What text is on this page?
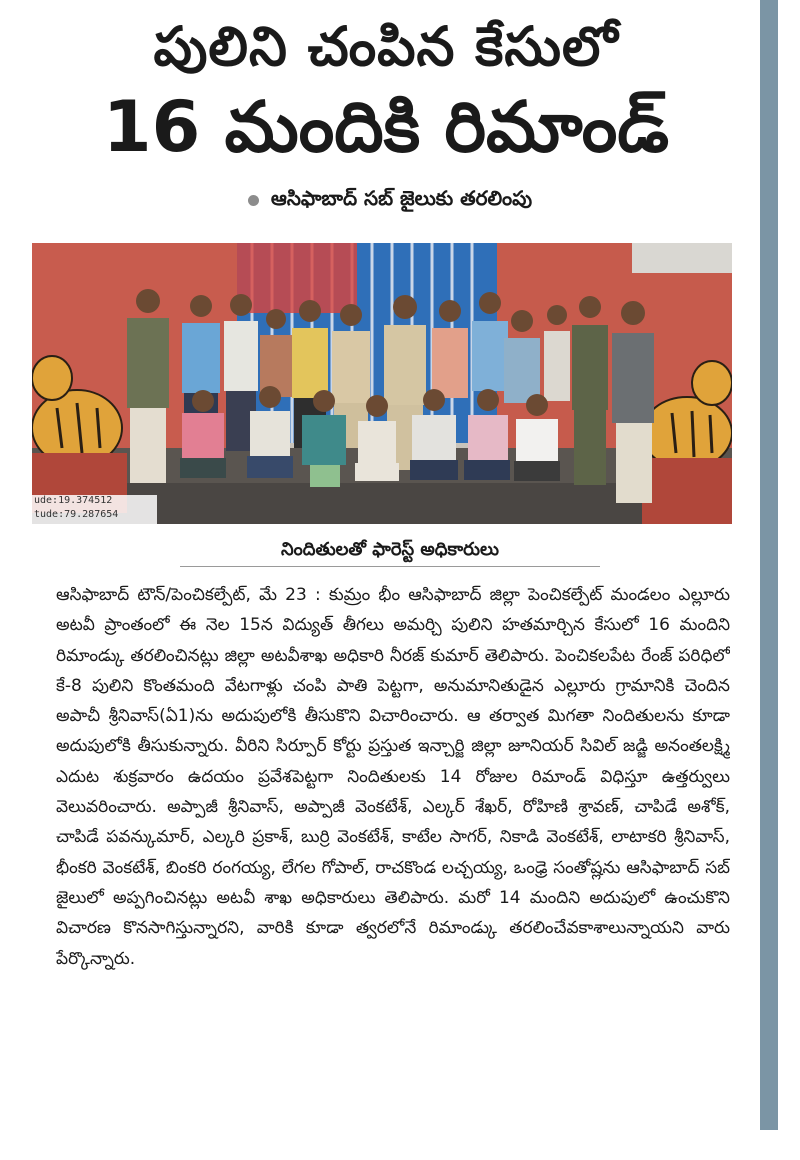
పులిని చంపిన కేసులో
16 మందికి రిమాండ్
ఆసిఫాబాద్ సబ్ జైలుకు తరలింపు
ude:19.374512
tude:79.287654
నిందితులతో ఫారెస్ట్ అధికారులు

ఆసిఫాబాద్ టౌన్/పెంచికల్పేట్, మే 23 : కుమ్రం భీం ఆసిఫాబాద్ జిల్లా పెంచికల్పేట్ మండలం ఎల్లూరు అటవీ ప్రాంతంలో ఈ నెల 15న విద్యుత్ తీగలు అమర్చి పులిని హతమార్చిన కేసులో 16 మందిని రిమాండ్కు తరలించినట్లు జిల్లా అటవీశాఖ అధికారి నీరజ్ కుమార్ తెలిపారు. పెంచికలపేట రేంజ్ పరిధిలో కే-8 పులిని కొంతమంది వేటగాళ్లు చంపి పాతి పెట్టగా, అనుమానితుడైన ఎల్లూరు గ్రామానికి చెందిన అపాచీ శ్రీనివాస్(ఏ1)ను అదుపులోకి తీసుకొని విచారించారు. ఆ తర్వాత మిగతా నిందితులను కూడా అదుపులోకి తీసుకున్నారు. వీరిని సిర్పూర్ కోర్టు ప్రస్తుత ఇన్చార్జి జిల్లా జూనియర్ సివిల్ జడ్జి అనంతలక్ష్మి ఎదుట శుక్రవారం ఉదయం ప్రవేశపెట్టగా నిందితులకు 14 రోజుల రిమాండ్ విధిస్తూ ఉత్తర్వులు వెలువరించారు. అప్పాజీ శ్రీనివాస్, అప్పాజీ వెంకటేశ్, ఎల్కర్ శేఖర్, రోహిణి శ్రావణ్, చాపిడే అశోక్, చాపిడే పవన్కుమార్, ఎల్కరి ప్రకాశ్, బుర్రి వెంకటేశ్, కాటేల సాగర్, నికాడి వెంకటేశ్, లాటాకరి శ్రీనివాస్, భీంకరి వెంకటేశ్, బింకరి రంగయ్య, లేగల గోపాల్, రాచకొండ లచ్చయ్య, ఒంఢ్రె సంతోష్లను ఆసిఫాబాద్ సబ్ జైలులో అప్పగించినట్లు అటవీ శాఖ అధికారులు తెలిపారు. మరో 14 మందిని అదుపులో ఉంచుకొని విచారణ కొనసాగిస్తున్నారని, వారికి కూడా త్వరలోనే రిమాండ్కు తరలించేవకాశాలున్నాయని వారు పేర్కొన్నారు.
